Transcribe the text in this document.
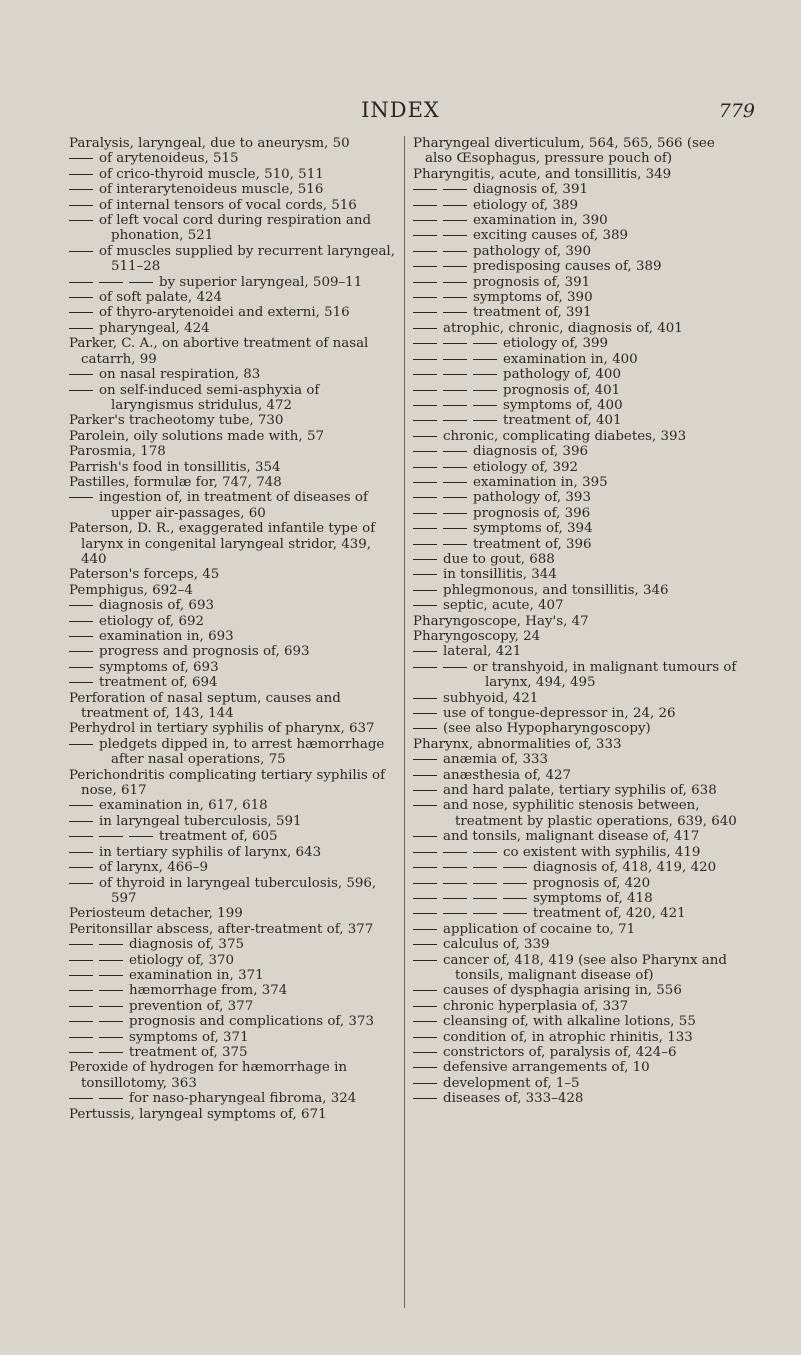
INDEX	779
Paralysis, laryngeal, due to aneurysm, 50
of arytenoideus, 515
of crico-thyroid muscle, 510, 511
of interarytenoideus muscle, 516
of internal tensors of vocal cords, 516
of left vocal cord during respiration and phonation, 521
of muscles supplied by recurrent laryngeal, 511–28
by superior laryngeal, 509–11
of soft palate, 424
of thyro-arytenoidei and externi, 516
pharyngeal, 424
Parker, C. A., on abortive treatment of nasal catarrh, 99
on nasal respiration, 83
on self-induced semi-asphyxia of laryngismus stridulus, 472
Parker's tracheotomy tube, 730
Parolein, oily solutions made with, 57
Parosmia, 178
Parrish's food in tonsillitis, 354
Pastilles, formulæ for, 747, 748
ingestion of, in treatment of diseases of upper air-passages, 60
Paterson, D. R., exaggerated infantile type of larynx in congenital laryngeal stridor, 439, 440
Paterson's forceps, 45
Pemphigus, 692–4
diagnosis of, 693
etiology of, 692
examination in, 693
progress and prognosis of, 693
symptoms of, 693
treatment of, 694
Perforation of nasal septum, causes and treatment of, 143, 144
Perhydrol in tertiary syphilis of pharynx, 637
pledgets dipped in, to arrest hæmorrhage after nasal operations, 75
Perichondritis complicating tertiary syphilis of nose, 617
examination in, 617, 618
in laryngeal tuberculosis, 591
treatment of, 605
in tertiary syphilis of larynx, 643
of larynx, 466–9
of thyroid in laryngeal tuberculosis, 596, 597
Periosteum detacher, 199
Peritonsillar abscess, after-treatment of, 377
diagnosis of, 375
etiology of, 370
examination in, 371
hæmorrhage from, 374
prevention of, 377
prognosis and complications of, 373
symptoms of, 371
treatment of, 375
Peroxide of hydrogen for hæmorrhage in tonsillotomy, 363
for naso-pharyngeal fibroma, 324
Pertussis, laryngeal symptoms of, 671
Pharyngeal diverticulum, 564, 565, 566 (see also Œsophagus, pressure pouch of)
Pharyngitis, acute, and tonsillitis, 349
diagnosis of, 391
etiology of, 389
examination in, 390
exciting causes of, 389
pathology of, 390
predisposing causes of, 389
prognosis of, 391
symptoms of, 390
treatment of, 391
atrophic, chronic, diagnosis of, 401
etiology of, 399
examination in, 400
pathology of, 400
prognosis of, 401
symptoms of, 400
treatment of, 401
chronic, complicating diabetes, 393
diagnosis of, 396
etiology of, 392
examination in, 395
pathology of, 393
prognosis of, 396
symptoms of, 394
treatment of, 396
due to gout, 688
in tonsillitis, 344
phlegmonous, and tonsillitis, 346
septic, acute, 407
Pharyngoscope, Hay's, 47
Pharyngoscopy, 24
lateral, 421
or transhyoid, in malignant tumours of larynx, 494, 495
subhyoid, 421
use of tongue-depressor in, 24, 26
(see also Hypopharyngoscopy)
Pharynx, abnormalities of, 333
anæmia of, 333
anæsthesia of, 427
and hard palate, tertiary syphilis of, 638
and nose, syphilitic stenosis between, treatment by plastic operations, 639, 640
and tonsils, malignant disease of, 417
co existent with syphilis, 419
diagnosis of, 418, 419, 420
prognosis of, 420
symptoms of, 418
treatment of, 420, 421
application of cocaine to, 71
calculus of, 339
cancer of, 418, 419 (see also Pharynx and tonsils, malignant disease of)
causes of dysphagia arising in, 556
chronic hyperplasia of, 337
cleansing of, with alkaline lotions, 55
condition of, in atrophic rhinitis, 133
constrictors of, paralysis of, 424–6
defensive arrangements of, 10
development of, 1–5
diseases of, 333–428
